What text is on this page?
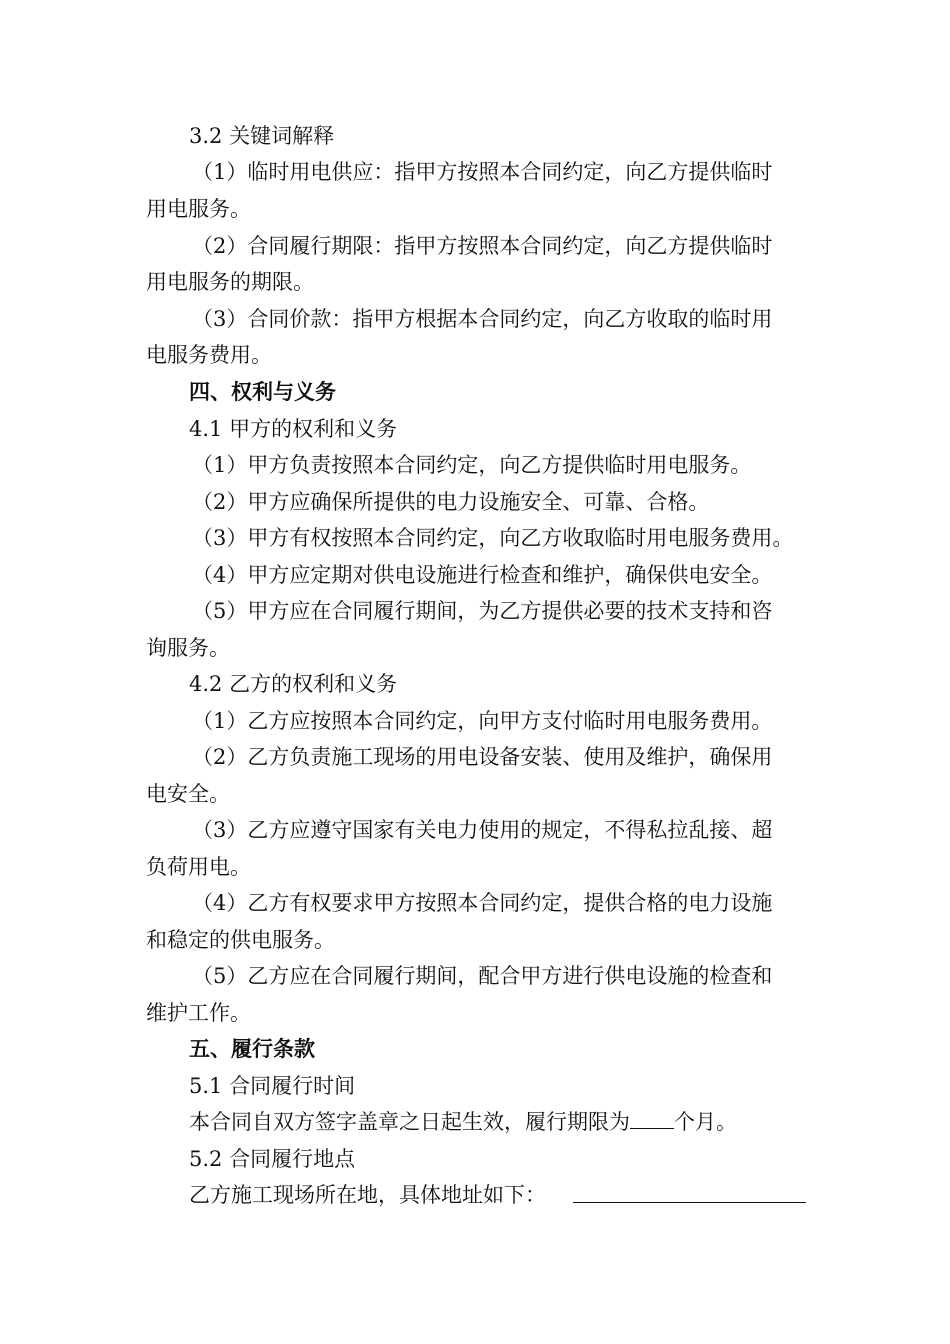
3.2 关键词解释
（1）临时用电供应：指甲方按照本合同约定，向乙方提供临时
用电服务。
（2）合同履行期限：指甲方按照本合同约定，向乙方提供临时
用电服务的期限。
（3）合同价款：指甲方根据本合同约定，向乙方收取的临时用
电服务费用。
四、权利与义务
4.1 甲方的权利和义务
（1）甲方负责按照本合同约定，向乙方提供临时用电服务。
（2）甲方应确保所提供的电力设施安全、可靠、合格。
（3）甲方有权按照本合同约定，向乙方收取临时用电服务费用。
（4）甲方应定期对供电设施进行检查和维护，确保供电安全。
（5）甲方应在合同履行期间，为乙方提供必要的技术支持和咨
询服务。
4.2 乙方的权利和义务
（1）乙方应按照本合同约定，向甲方支付临时用电服务费用。
（2）乙方负责施工现场的用电设备安装、使用及维护，确保用
电安全。
（3）乙方应遵守国家有关电力使用的规定，不得私拉乱接、超
负荷用电。
（4）乙方有权要求甲方按照本合同约定，提供合格的电力设施
和稳定的供电服务。
（5）乙方应在合同履行期间，配合甲方进行供电设施的检查和
维护工作。
五、履行条款
5.1 合同履行时间
本合同自双方签字盖章之日起生效，履行期限为 个月。
5.2 合同履行地点
乙方施工现场所在地，具体地址如下：
